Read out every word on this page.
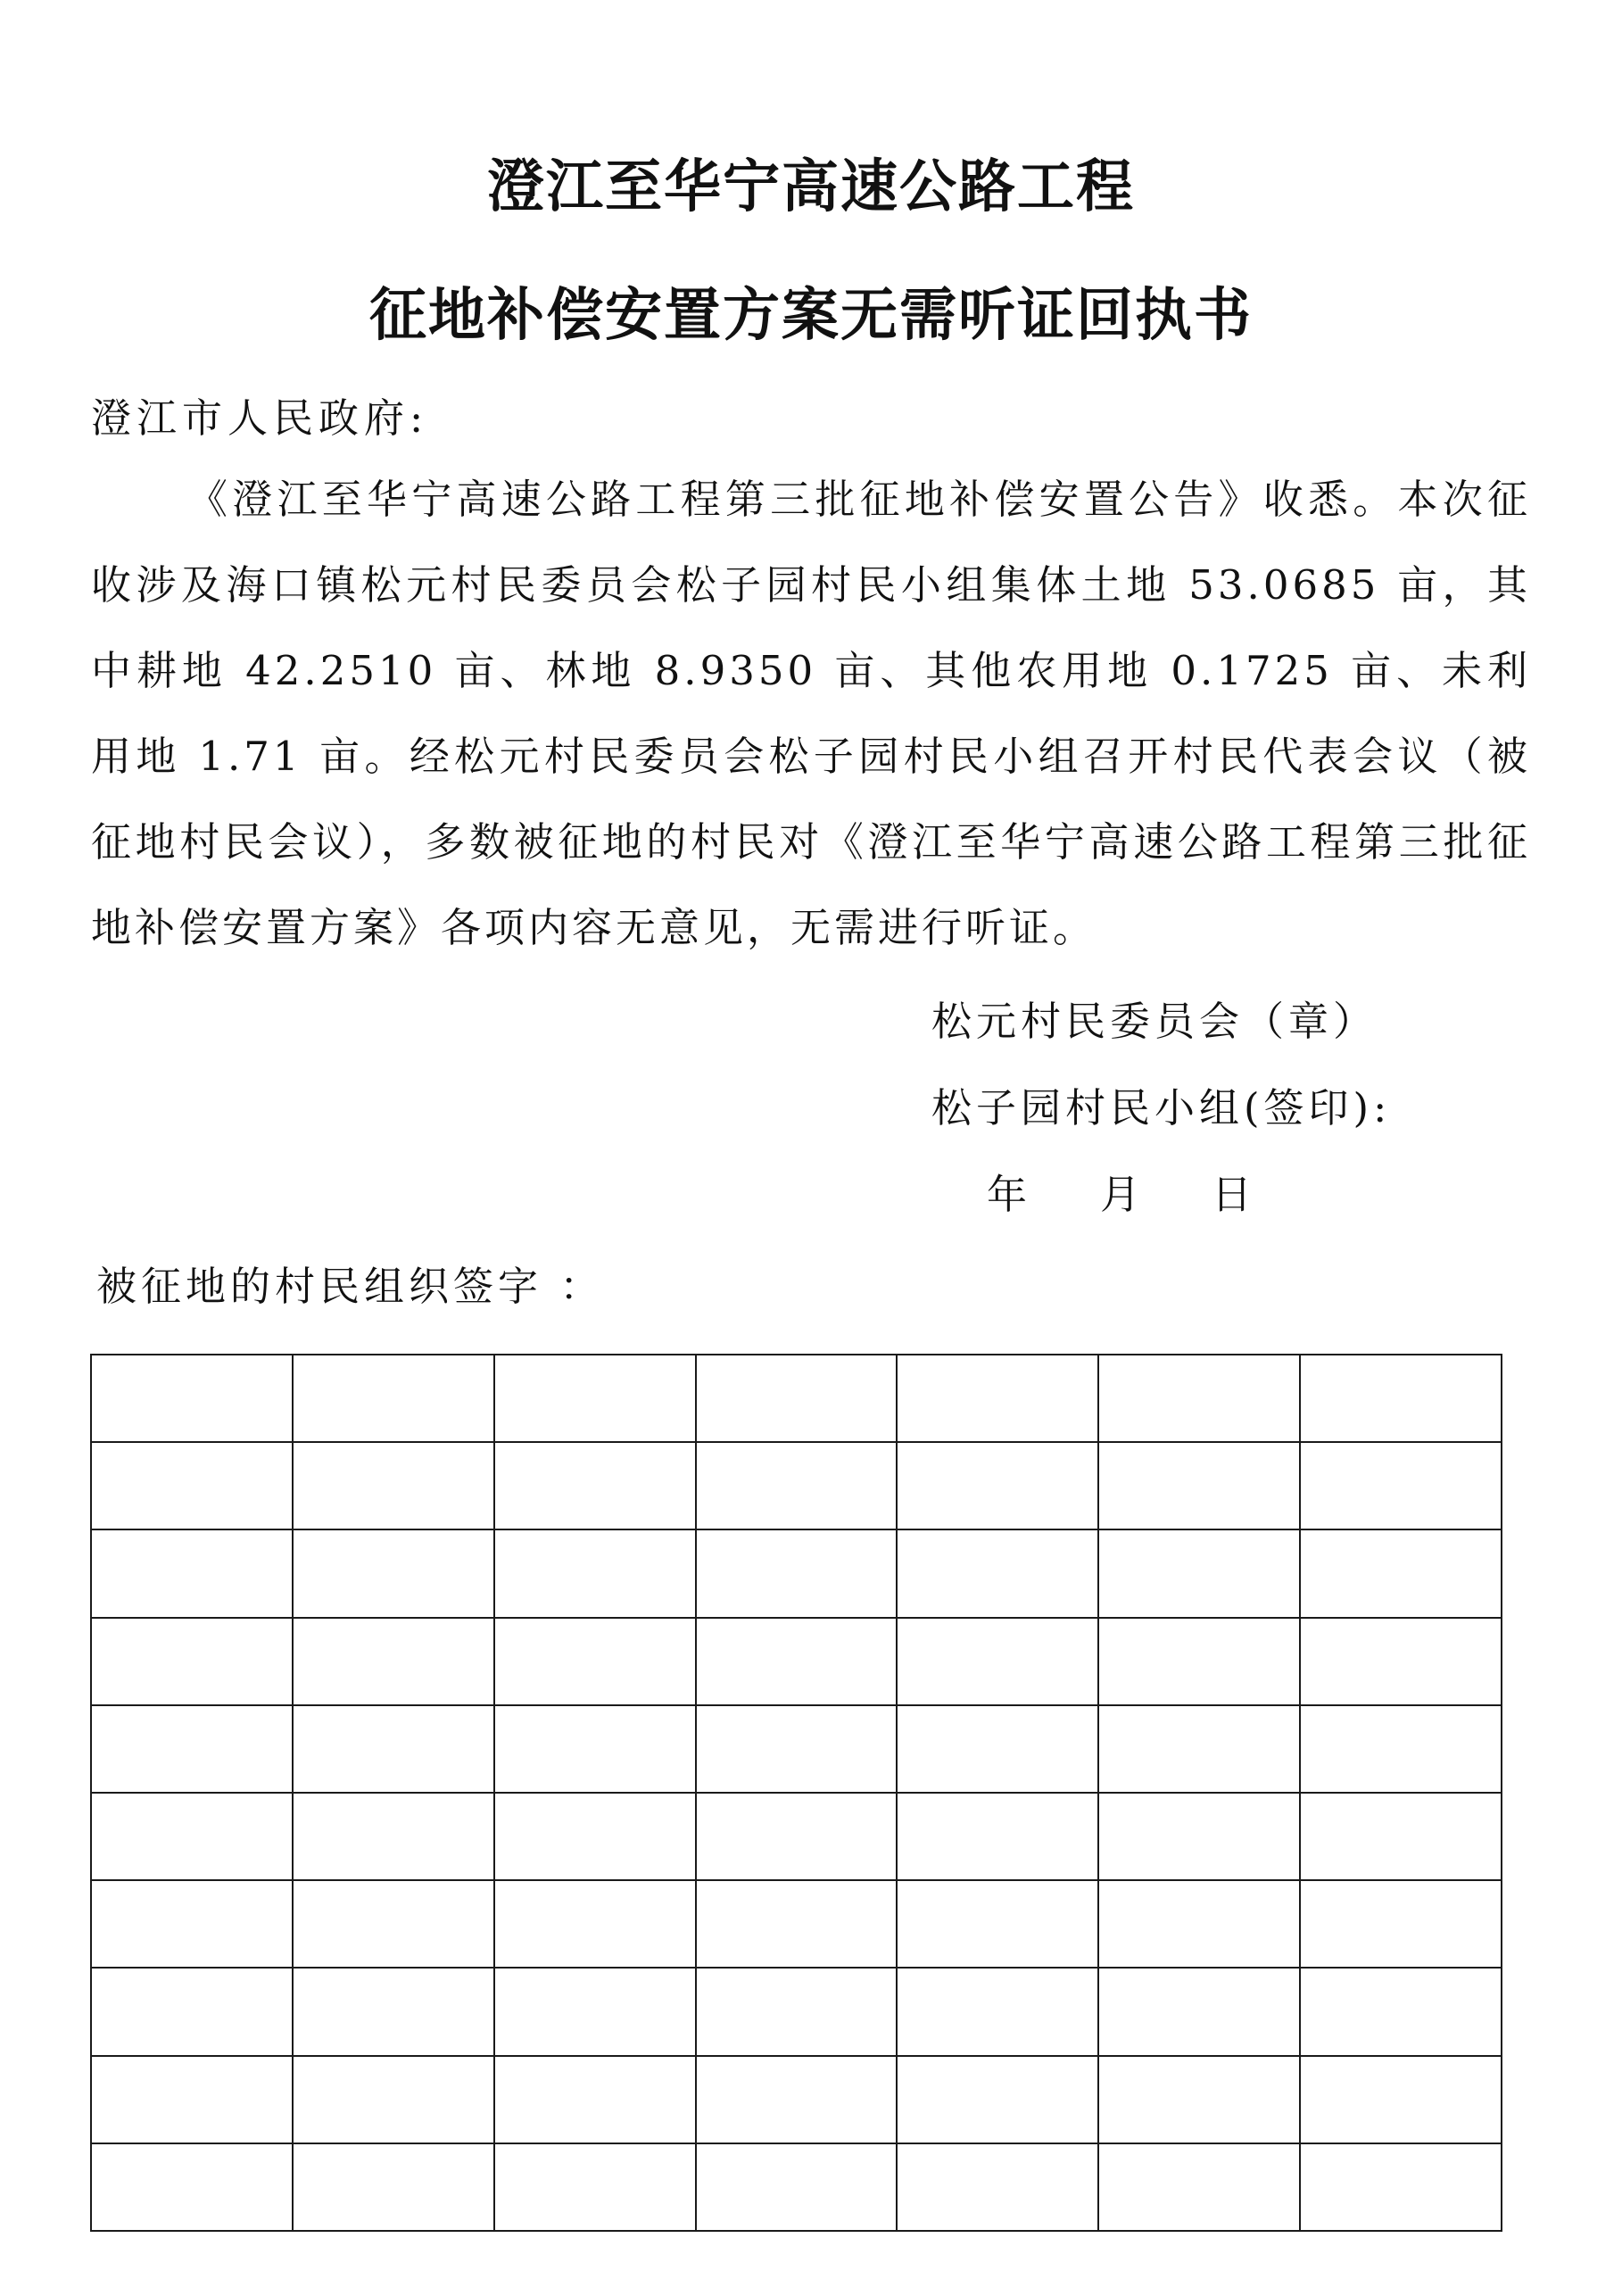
澄江至华宁高速公路工程
征地补偿安置方案无需听证回执书
澄江市人民政府:
《澄江至华宁高速公路工程第三批征地补偿安置公告》收悉。本次征收涉及海口镇松元村民委员会松子园村民小组集体土地 53.0685 亩，其中耕地 42.2510 亩、林地 8.9350 亩、其他农用地 0.1725 亩、未利用地 1.71 亩。经松元村民委员会松子园村民小组召开村民代表会议（被征地村民会议），多数被征地的村民对《澄江至华宁高速公路工程第三批征地补偿安置方案》各项内容无意见，无需进行听证。
松元村民委员会（章）
松子园村民小组(签印):
年 月 日
被征地的村民组织签字 ：
